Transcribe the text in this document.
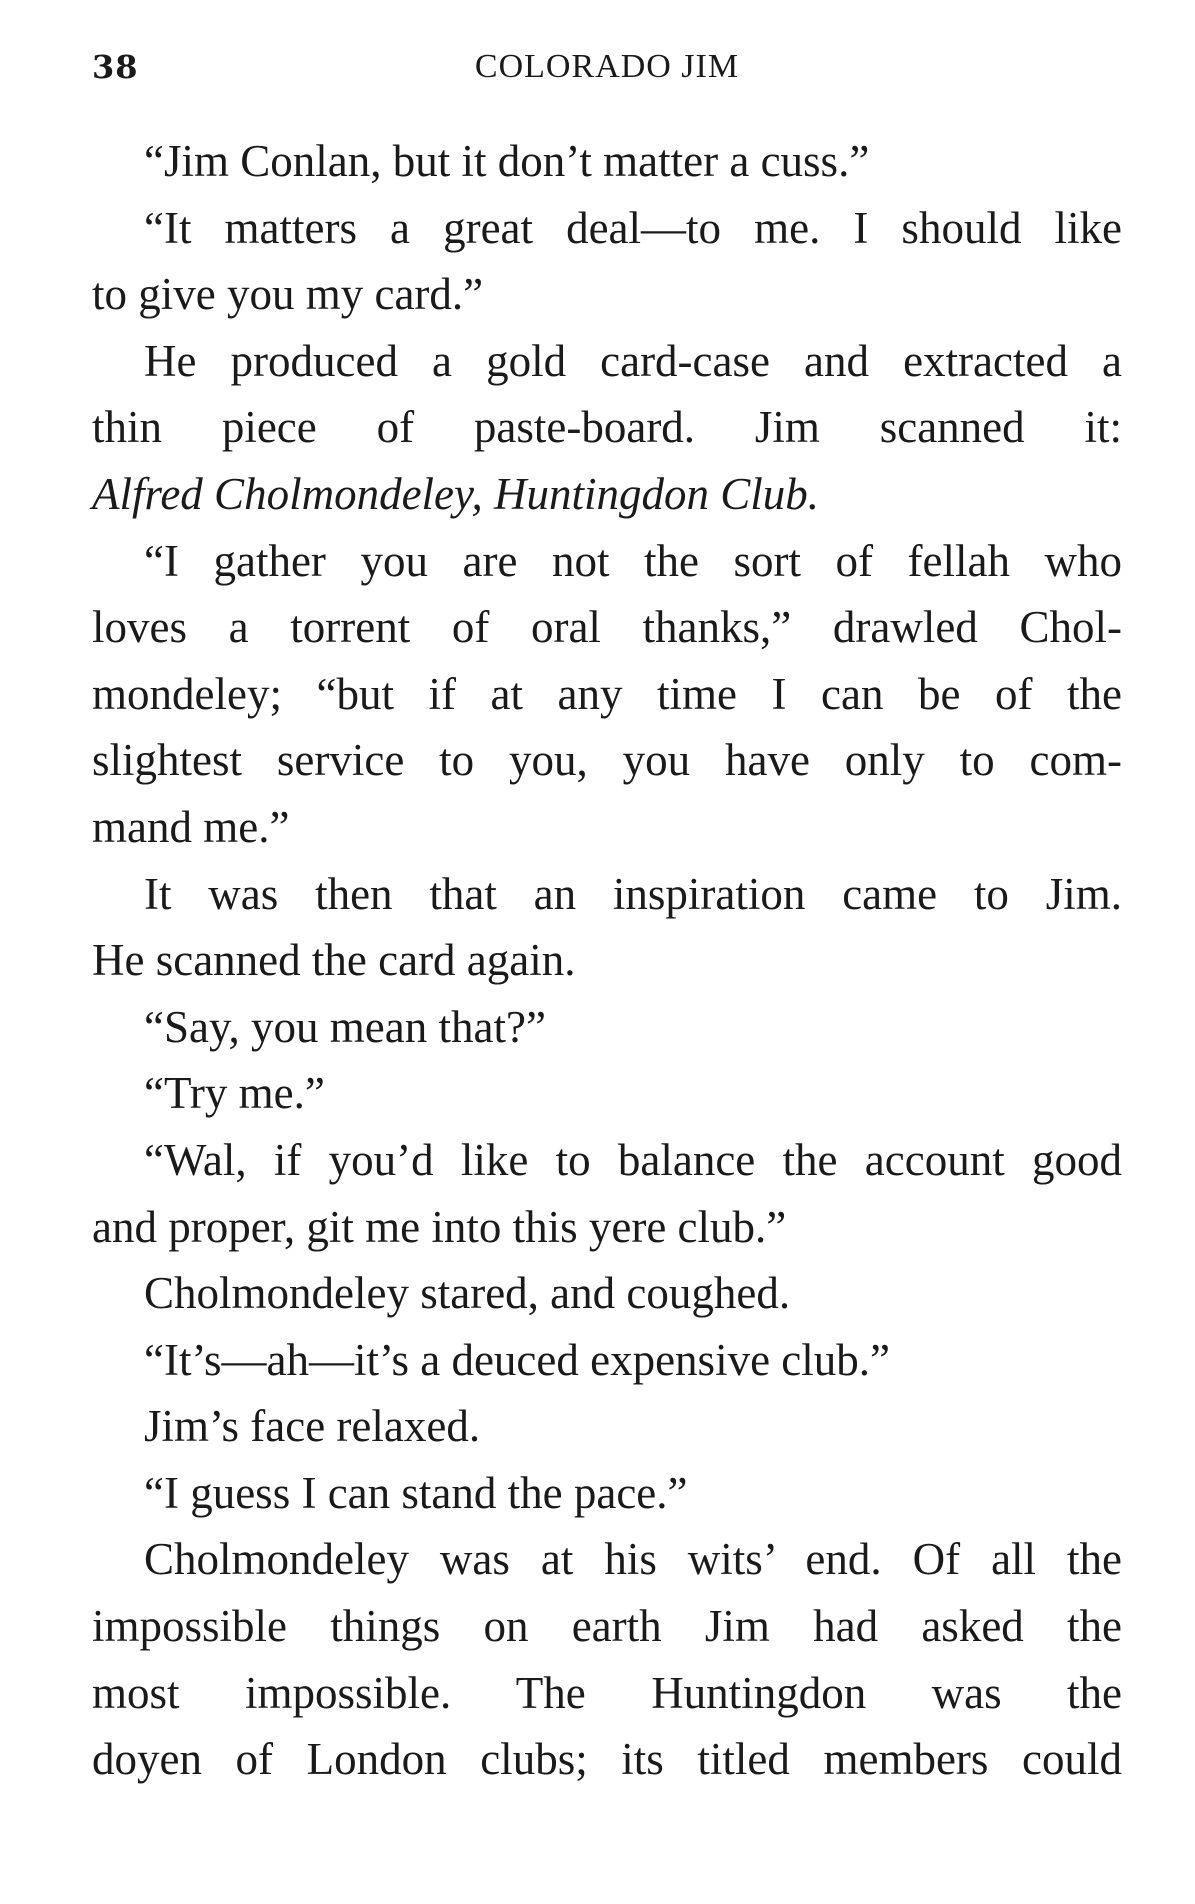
38	COLORADO JIM
“Jim Conlan, but it don’t matter a cuss.”
“It matters a great deal—to me. I should like
to give you my card.”
He produced a gold card-case and extracted a
thin piece of paste-board. Jim scanned it:
Alfred Cholmondeley, Huntingdon Club.
“I gather you are not the sort of fellah who
loves a torrent of oral thanks,” drawled Chol-
mondeley; “but if at any time I can be of the
slightest service to you, you have only to com-
mand me.”
It was then that an inspiration came to Jim.
He scanned the card again.
“Say, you mean that?”
“Try me.”
“Wal, if you’d like to balance the account good
and proper, git me into this yere club.”
Cholmondeley stared, and coughed.
“It’s—ah—it’s a deuced expensive club.”
Jim’s face relaxed.
“I guess I can stand the pace.”
Cholmondeley was at his wits’ end. Of all the
impossible things on earth Jim had asked the
most impossible. The Huntingdon was the
doyen of London clubs; its titled members could
